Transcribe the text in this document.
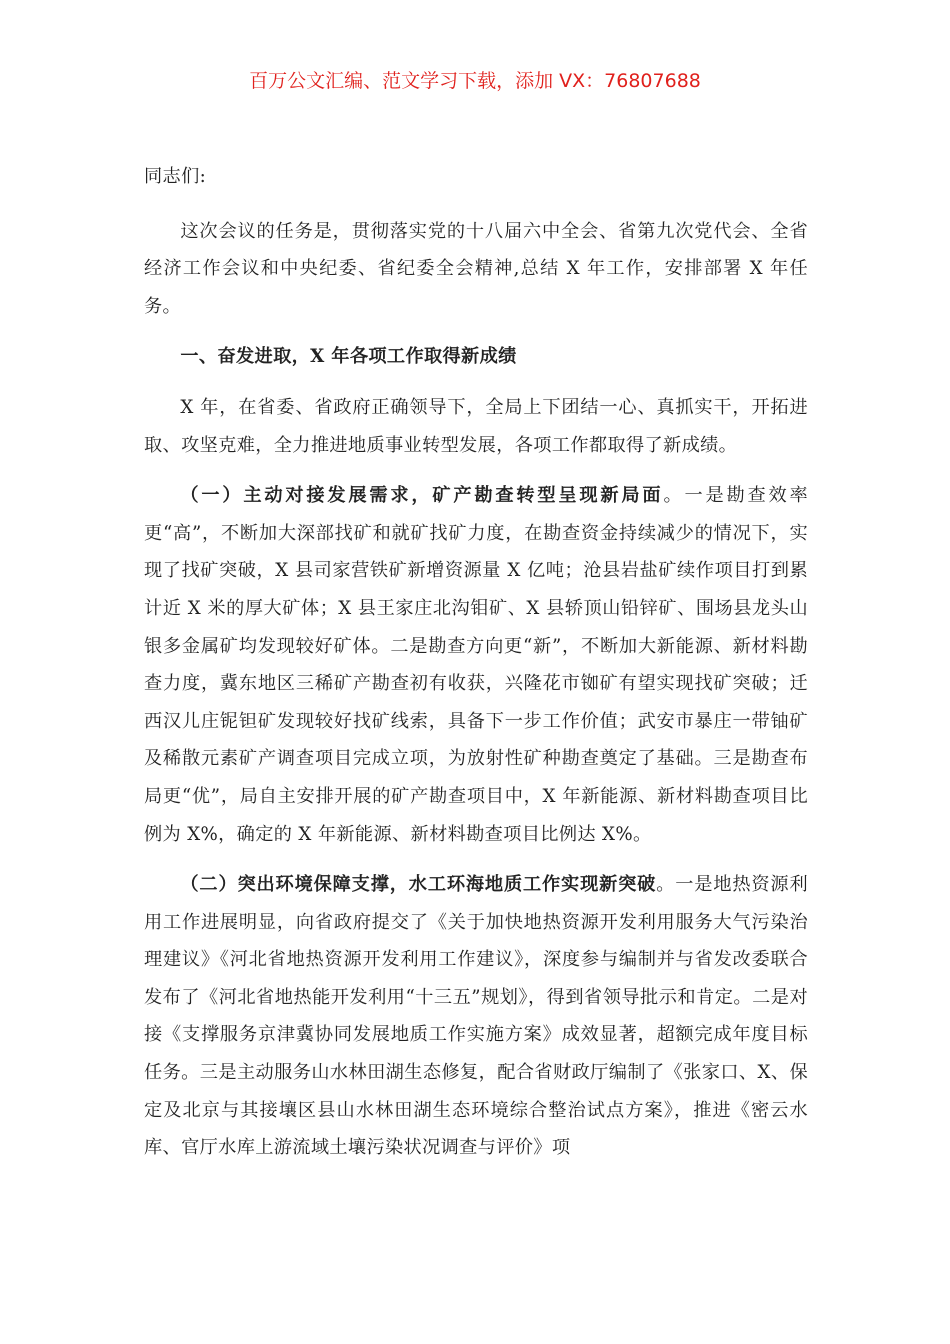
百万公文汇编、范文学习下载，添加 VX：76807688

同志们:

这次会议的任务是，贯彻落实党的十八届六中全会、省第九次党代会、全省经济工作会议和中央纪委、省纪委全会精神,总结 X 年工作，安排部署 X 年任务。

一、奋发进取，X 年各项工作取得新成绩

X 年，在省委、省政府正确领导下，全局上下团结一心、真抓实干，开拓进取、攻坚克难，全力推进地质事业转型发展，各项工作都取得了新成绩。

（一）主动对接发展需求，矿产勘查转型呈现新局面。一是勘查效率更“高”，不断加大深部找矿和就矿找矿力度，在勘查资金持续减少的情况下，实现了找矿突破，X 县司家营铁矿新增资源量 X 亿吨；沧县岩盐矿续作项目打到累计近 X 米的厚大矿体；X 县王家庄北沟钼矿、X 县轿顶山铅锌矿、围场县龙头山银多金属矿均发现较好矿体。二是勘查方向更“新”，不断加大新能源、新材料勘查力度，冀东地区三稀矿产勘查初有收获，兴隆花市铷矿有望实现找矿突破；迁西汉儿庄铌钽矿发现较好找矿线索，具备下一步工作价值；武安市暴庄一带铀矿及稀散元素矿产调查项目完成立项，为放射性矿种勘查奠定了基础。三是勘查布局更“优”，局自主安排开展的矿产勘查项目中，X 年新能源、新材料勘查项目比例为 X%，确定的 X 年新能源、新材料勘查项目比例达 X%。

（二）突出环境保障支撑，水工环海地质工作实现新突破。一是地热资源利用工作进展明显，向省政府提交了《关于加快地热资源开发利用服务大气污染治理建议》《河北省地热资源开发利用工作建议》，深度参与编制并与省发改委联合发布了《河北省地热能开发利用“十三五”规划》，得到省领导批示和肯定。二是对接《支撑服务京津冀协同发展地质工作实施方案》成效显著，超额完成年度目标任务。三是主动服务山水林田湖生态修复，配合省财政厅编制了《张家口、X、保定及北京与其接壤区县山水林田湖生态环境综合整治试点方案》，推进《密云水库、官厅水库上游流域土壤污染状况调查与评价》项
